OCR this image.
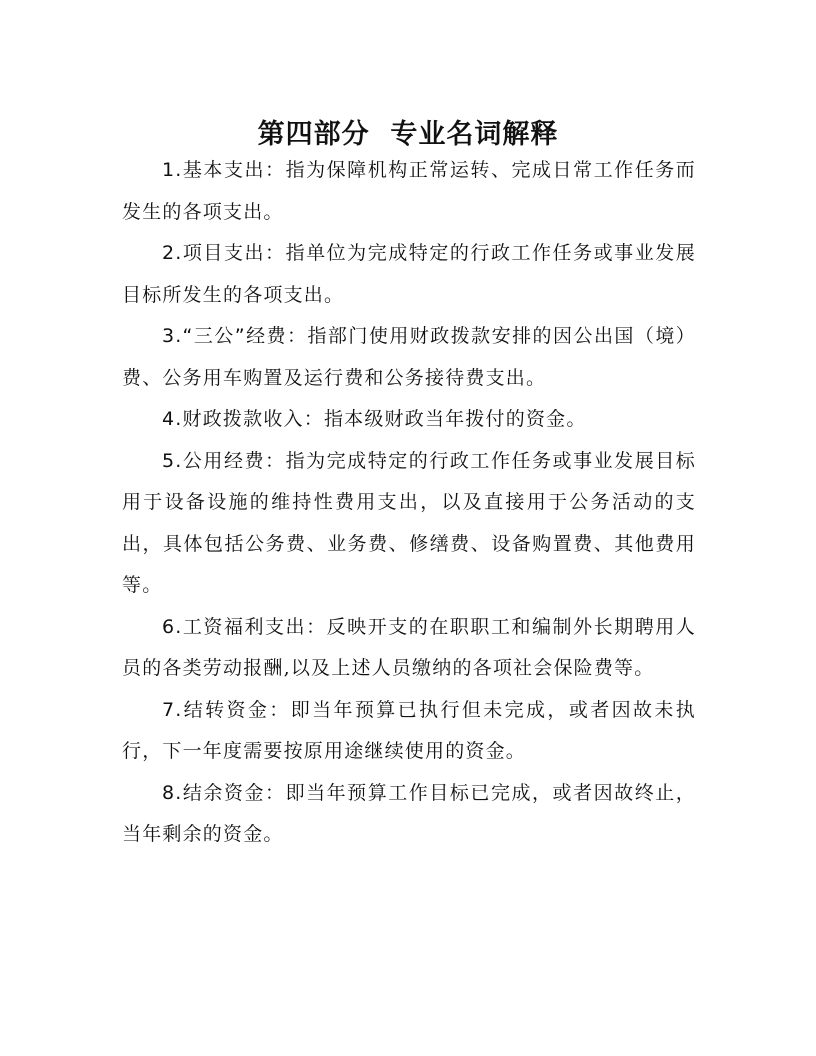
第四部分  专业名词解释

1.基本支出：指为保障机构正常运转、完成日常工作任务而发生的各项支出。

2.项目支出：指单位为完成特定的行政工作任务或事业发展目标所发生的各项支出。

3.“三公”经费：指部门使用财政拨款安排的因公出国（境）费、公务用车购置及运行费和公务接待费支出。

4.财政拨款收入：指本级财政当年拨付的资金。

5.公用经费：指为完成特定的行政工作任务或事业发展目标用于设备设施的维持性费用支出，以及直接用于公务活动的支出，具体包括公务费、业务费、修缮费、设备购置费、其他费用等。

6.工资福利支出：反映开支的在职职工和编制外长期聘用人员的各类劳动报酬,以及上述人员缴纳的各项社会保险费等。

7.结转资金：即当年预算已执行但未完成，或者因故未执行，下一年度需要按原用途继续使用的资金。

8.结余资金：即当年预算工作目标已完成，或者因故终止，当年剩余的资金。
